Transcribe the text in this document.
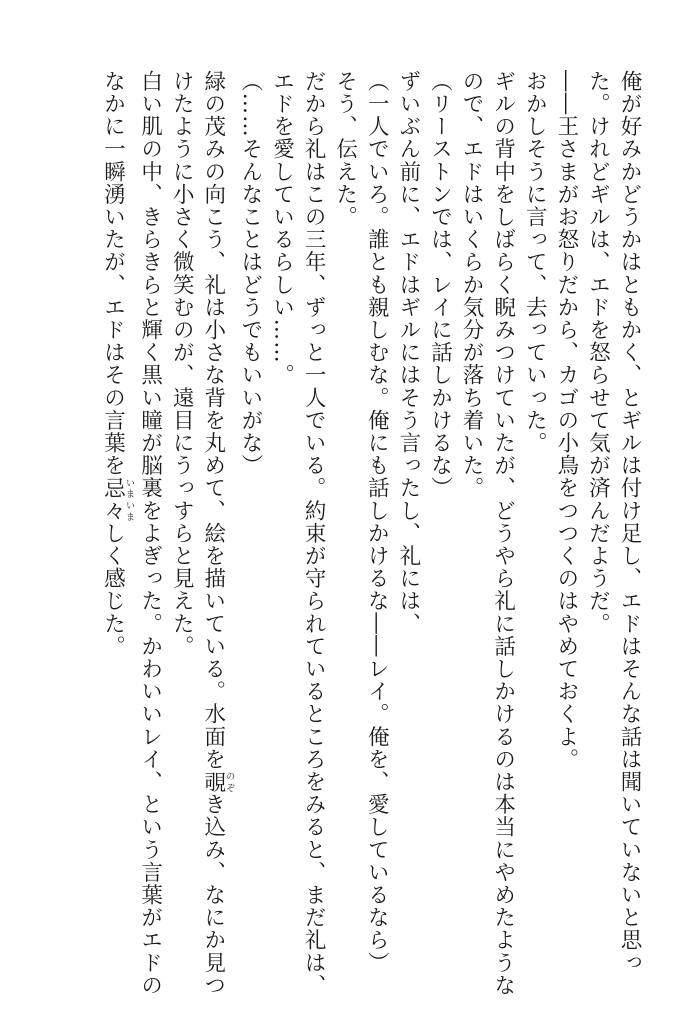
俺が好みかどうかはともかく、とギルは付け足し、エドはそんな話は聞いていないと思っ
た。けれどギルは、エドを怒らせて気が済んだようだ。
――王さまがお怒りだから、カゴの小鳥をつつくのはやめておくよ。
おかしそうに言って、去っていった。
ギルの背中をしばらく睨みつけていたが、どうやら礼に話しかけるのは本当にやめたような
ので、エドはいくらか気分が落ち着いた。
（リーストンでは、レイに話しかけるな）
ずいぶん前に、エドはギルにはそう言ったし、礼には、
（一人でいろ。誰とも親しむな。俺にも話しかけるな――レイ。俺を、愛しているなら）
そう、伝えた。
だから礼はこの三年、ずっと一人でいる。約束が守られているところをみると、まだ礼は、
エドを愛しているらしい……。
（……そんなことはどうでもいいがな）
緑の茂みの向こう、礼は小さな背を丸めて、絵を描いている。水面を覗のぞき込み、なにか見つ
けたように小さく微笑むのが、遠目にうっすらと見えた。
白い肌の中、きらきらと輝く黒い瞳が脳裏をよぎった。かわいいレイ、という言葉がエドの
なかに一瞬湧いたが、エドはその言葉を忌々いまいましく感じた。
